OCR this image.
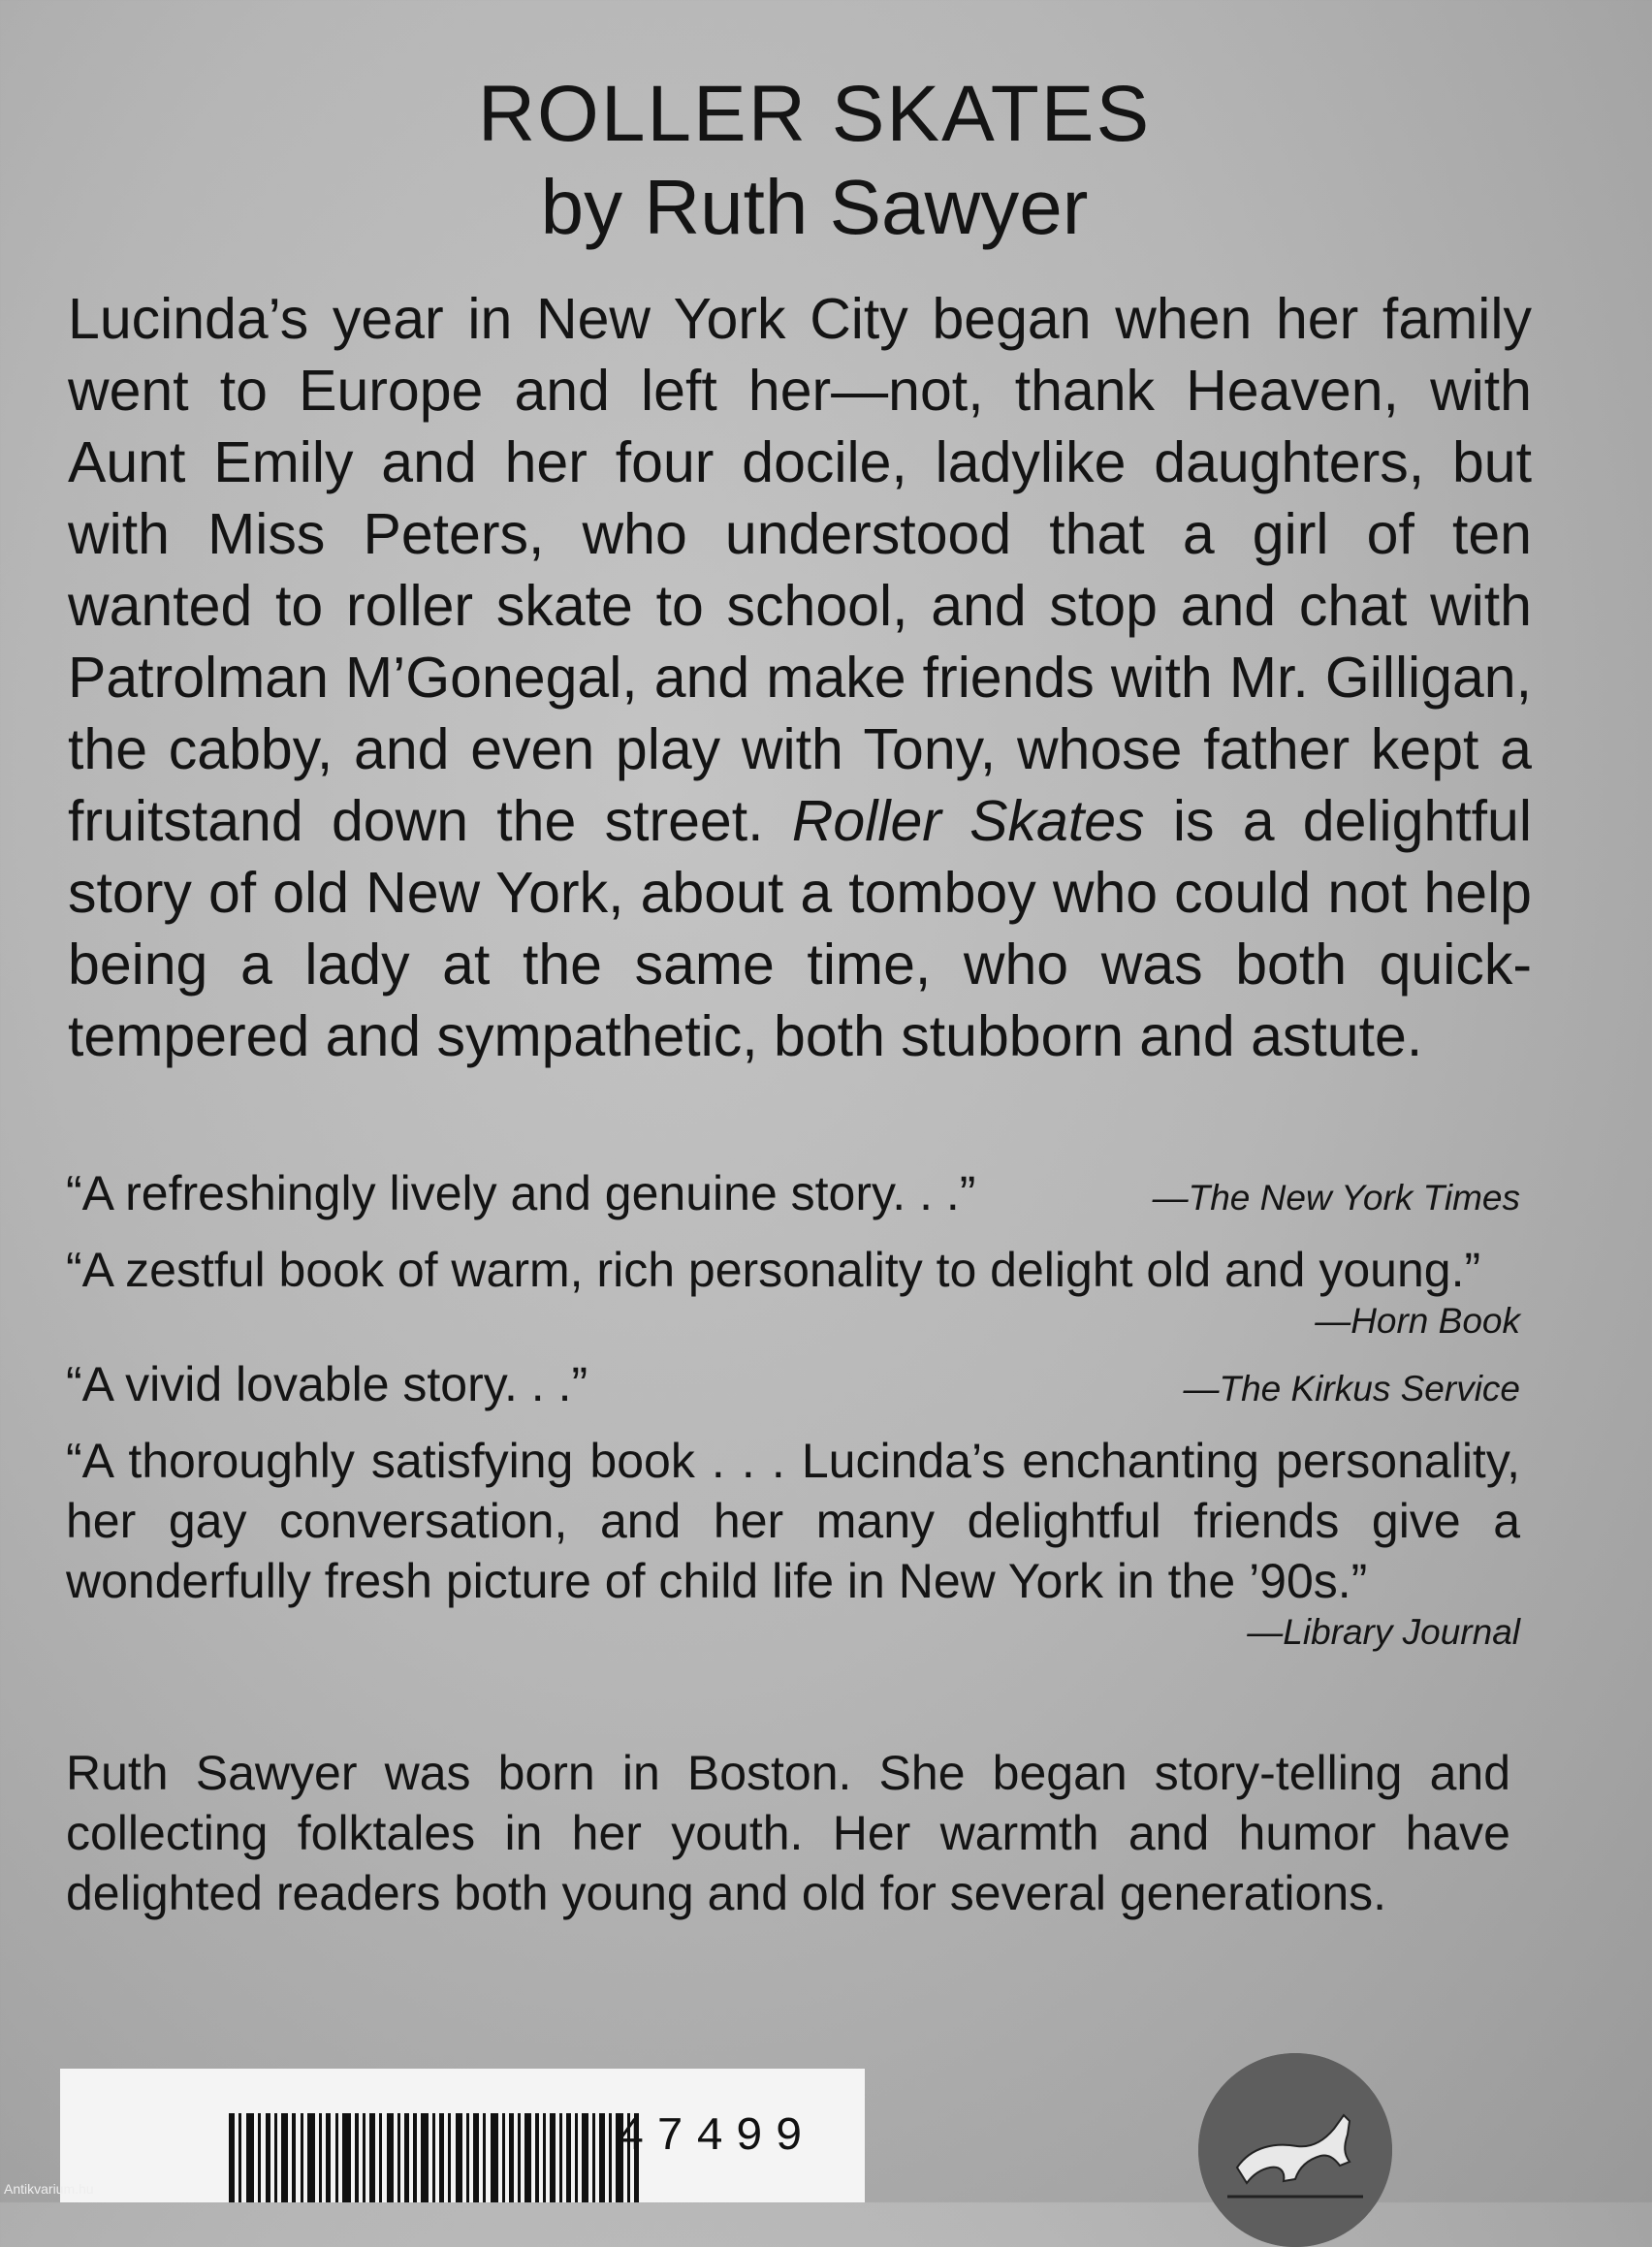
ROLLER SKATES
by Ruth Sawyer

Lucinda’s year in New York City began when her family went to Europe and left her—not, thank Heaven, with Aunt Emily and her four docile, ladylike daughters, but with Miss Peters, who understood that a girl of ten wanted to roller skate to school, and stop and chat with Patrolman M’Gonegal, and make friends with Mr. Gilligan, the cabby, and even play with Tony, whose father kept a fruitstand down the street. Roller Skates is a delightful story of old New York, about a tomboy who could not help being a lady at the same time, who was both quick-tempered and sympathetic, both stubborn and astute.

“A refreshingly lively and genuine story. . .”	—The New York Times
“A zestful book of warm, rich personality to delight old and young.”
—Horn Book
“A vivid lovable story. . .”	—The Kirkus Service
“A thoroughly satisfying book . . . Lucinda’s enchanting personality, her gay conversation, and her many delightful friends give a wonderfully fresh picture of child life in New York in the ’90s.”
—Library Journal

Ruth Sawyer was born in Boston. She began story-telling and collecting folktales in her youth. Her warmth and humor have delighted readers both young and old for several generations.

47499
Antikvarium.hu
